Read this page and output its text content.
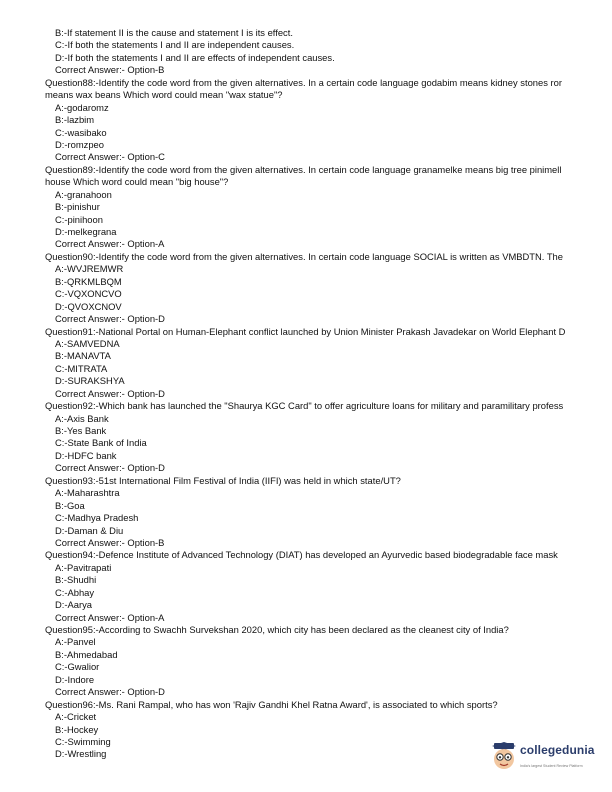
B:-If statement II is the cause and statement I is its effect.
C:-If both the statements I and II are independent causes.
D:-If both the statements I and II are effects of independent causes.
Correct Answer:- Option-B
Question88:-Identify the code word from the given alternatives. In a certain code language godabim means kidney stones ror
means wax beans Which word could mean "wax statue"?
A:-godaromz
B:-lazbim
C:-wasibako
D:-romzpeo
Correct Answer:- Option-C
Question89:-Identify the code word from the given alternatives. In certain code language granamelke means big tree pinimell
house Which word could mean "big house"?
A:-granahoon
B:-pinishur
C:-pinihoon
D:-melkegrana
Correct Answer:- Option-A
Question90:-Identify the code word from the given alternatives. In certain code language SOCIAL is written as VMBDTN. The
A:-WVJREMWR
B:-QRKMLBQM
C:-VQXONCVO
D:-QVOXCNOV
Correct Answer:- Option-D
Question91:-National Portal on Human-Elephant conflict launched by Union Minister Prakash Javadekar on World Elephant D
A:-SAMVEDNA
B:-MANAVTA
C:-MITRATA
D:-SURAKSHYA
Correct Answer:- Option-D
Question92:-Which bank has launched the "Shaurya KGC Card" to offer agriculture loans for military and paramilitary profess
A:-Axis Bank
B:-Yes Bank
C:-State Bank of India
D:-HDFC bank
Correct Answer:- Option-D
Question93:-51st International Film Festival of India (IIFI) was held in which state/UT?
A:-Maharashtra
B:-Goa
C:-Madhya Pradesh
D:-Daman & Diu
Correct Answer:- Option-B
Question94:-Defence Institute of Advanced Technology (DIAT) has developed an Ayurvedic based biodegradable face mask
A:-Pavitrapati
B:-Shudhi
C:-Abhay
D:-Aarya
Correct Answer:- Option-A
Question95:-According to Swachh Survekshan 2020, which city has been declared as the cleanest city of India?
A:-Panvel
B:-Ahmedabad
C:-Gwalior
D:-Indore
Correct Answer:- Option-D
Question96:-Ms. Rani Rampal, who has won 'Rajiv Gandhi Khel Ratna Award', is associated to which sports?
A:-Cricket
B:-Hockey
C:-Swimming
D:-Wrestling	collegedunia
India's largest Student Review Platform
